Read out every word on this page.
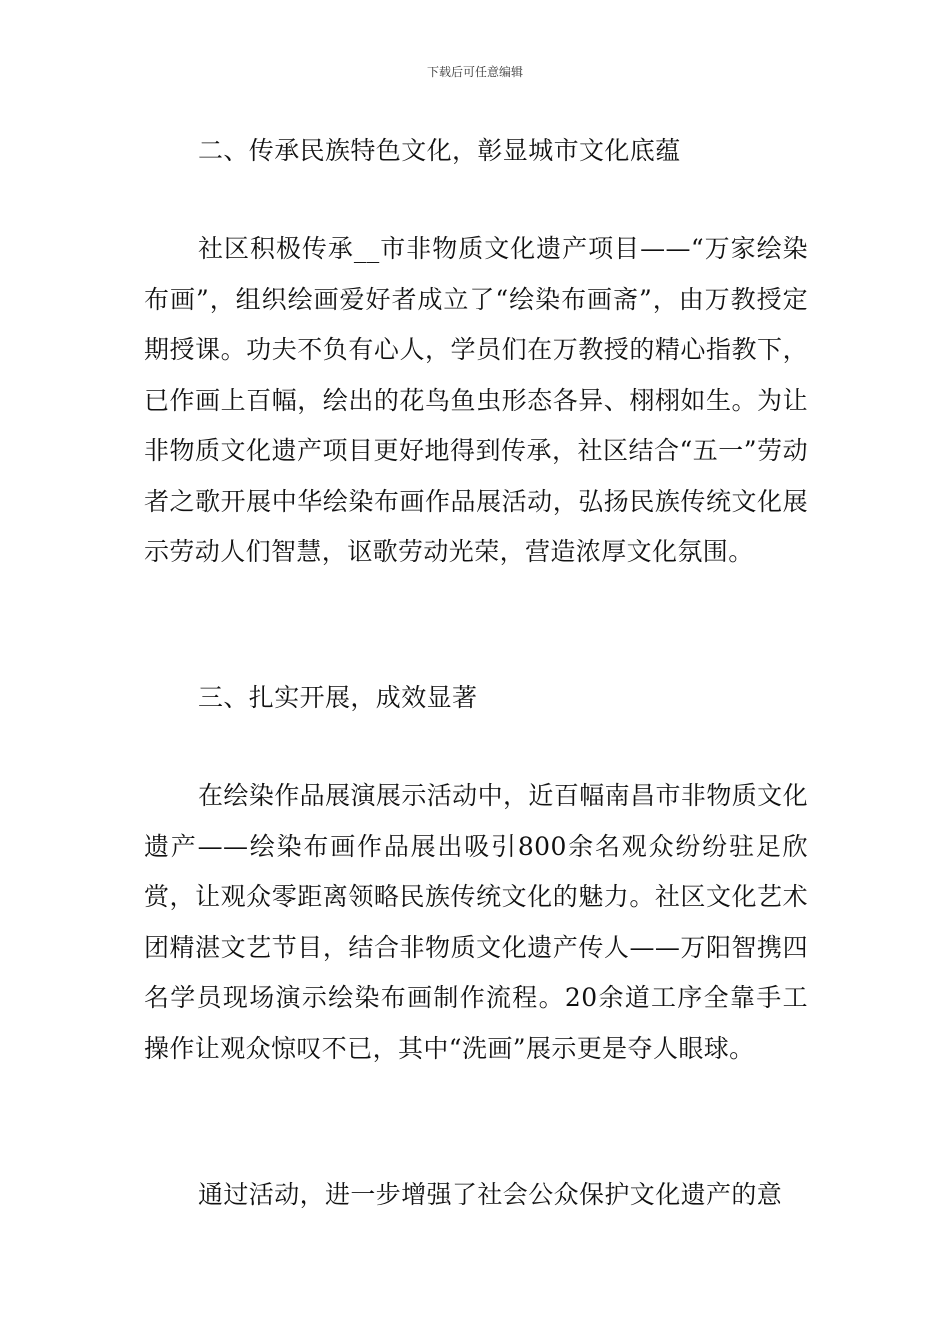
下载后可任意编辑

二、传承民族特色文化，彰显城市文化底蕴

社区积极传承__市非物质文化遗产项目——“万家绘染布画”，组织绘画爱好者成立了“绘染布画斋”，由万教授定期授课。功夫不负有心人，学员们在万教授的精心指教下，已作画上百幅，绘出的花鸟鱼虫形态各异、栩栩如生。为让非物质文化遗产项目更好地得到传承，社区结合“五一”劳动者之歌开展中华绘染布画作品展活动，弘扬民族传统文化展示劳动人们智慧，讴歌劳动光荣，营造浓厚文化氛围。

三、扎实开展，成效显著

在绘染作品展演展示活动中，近百幅南昌市非物质文化遗产——绘染布画作品展出吸引800余名观众纷纷驻足欣赏，让观众零距离领略民族传统文化的魅力。社区文化艺术团精湛文艺节目，结合非物质文化遗产传人——万阳智携四名学员现场演示绘染布画制作流程。20余道工序全靠手工操作让观众惊叹不已，其中“洗画”展示更是夺人眼球。

通过活动，进一步增强了社会公众保护文化遗产的意
